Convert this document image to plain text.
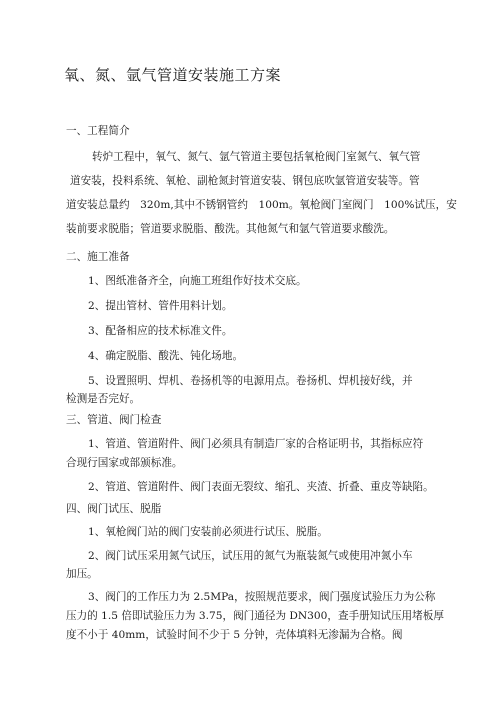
氧、氮、氩气管道安装施工方案
一、工程简介
转炉工程中，氧气、氮气、氩气管道主要包括氧枪阀门室氮气、氧气管
道安装，投料系统、氧枪、副枪氮封管道安装、钢包底吹氩管道安装等。管
道安装总量约　320m,其中不锈钢管约　100m。氧枪阀门室阀门　100%试压，安
装前要求脱脂；管道要求脱脂、酸洗。其他氮气和氩气管道要求酸洗。
二、施工准备
1、图纸准备齐全，向施工班组作好技术交底。
2、提出管材、管件用料计划。
3、配备相应的技术标准文件。
4、确定脱脂、酸洗、钝化场地。
5、设置照明、焊机、卷扬机等的电源用点。卷扬机、焊机接好线，并
检测是否完好。
三、管道、阀门检查
1、管道、管道附件、阀门必须具有制造厂家的合格证明书，其指标应符
合现行国家或部颁标准。
2、管道、管道附件、阀门表面无裂纹、缩孔、夹渣、折叠、重皮等缺陷。
四、阀门试压、脱脂
1、氧枪阀门站的阀门安装前必须进行试压、脱脂。
2、阀门试压采用氮气试压，试压用的氮气为瓶装氮气或使用冲氮小车
加压。
3、阀门的工作压力为 2.5MPa，按照规范要求，阀门强度试验压力为公称
压力的 1.5 倍即试验压力为 3.75，阀门通径为 DN300，查手册知试压用堵板厚
度不小于 40mm，试验时间不少于 5 分钟，壳体填料无渗漏为合格。阀
